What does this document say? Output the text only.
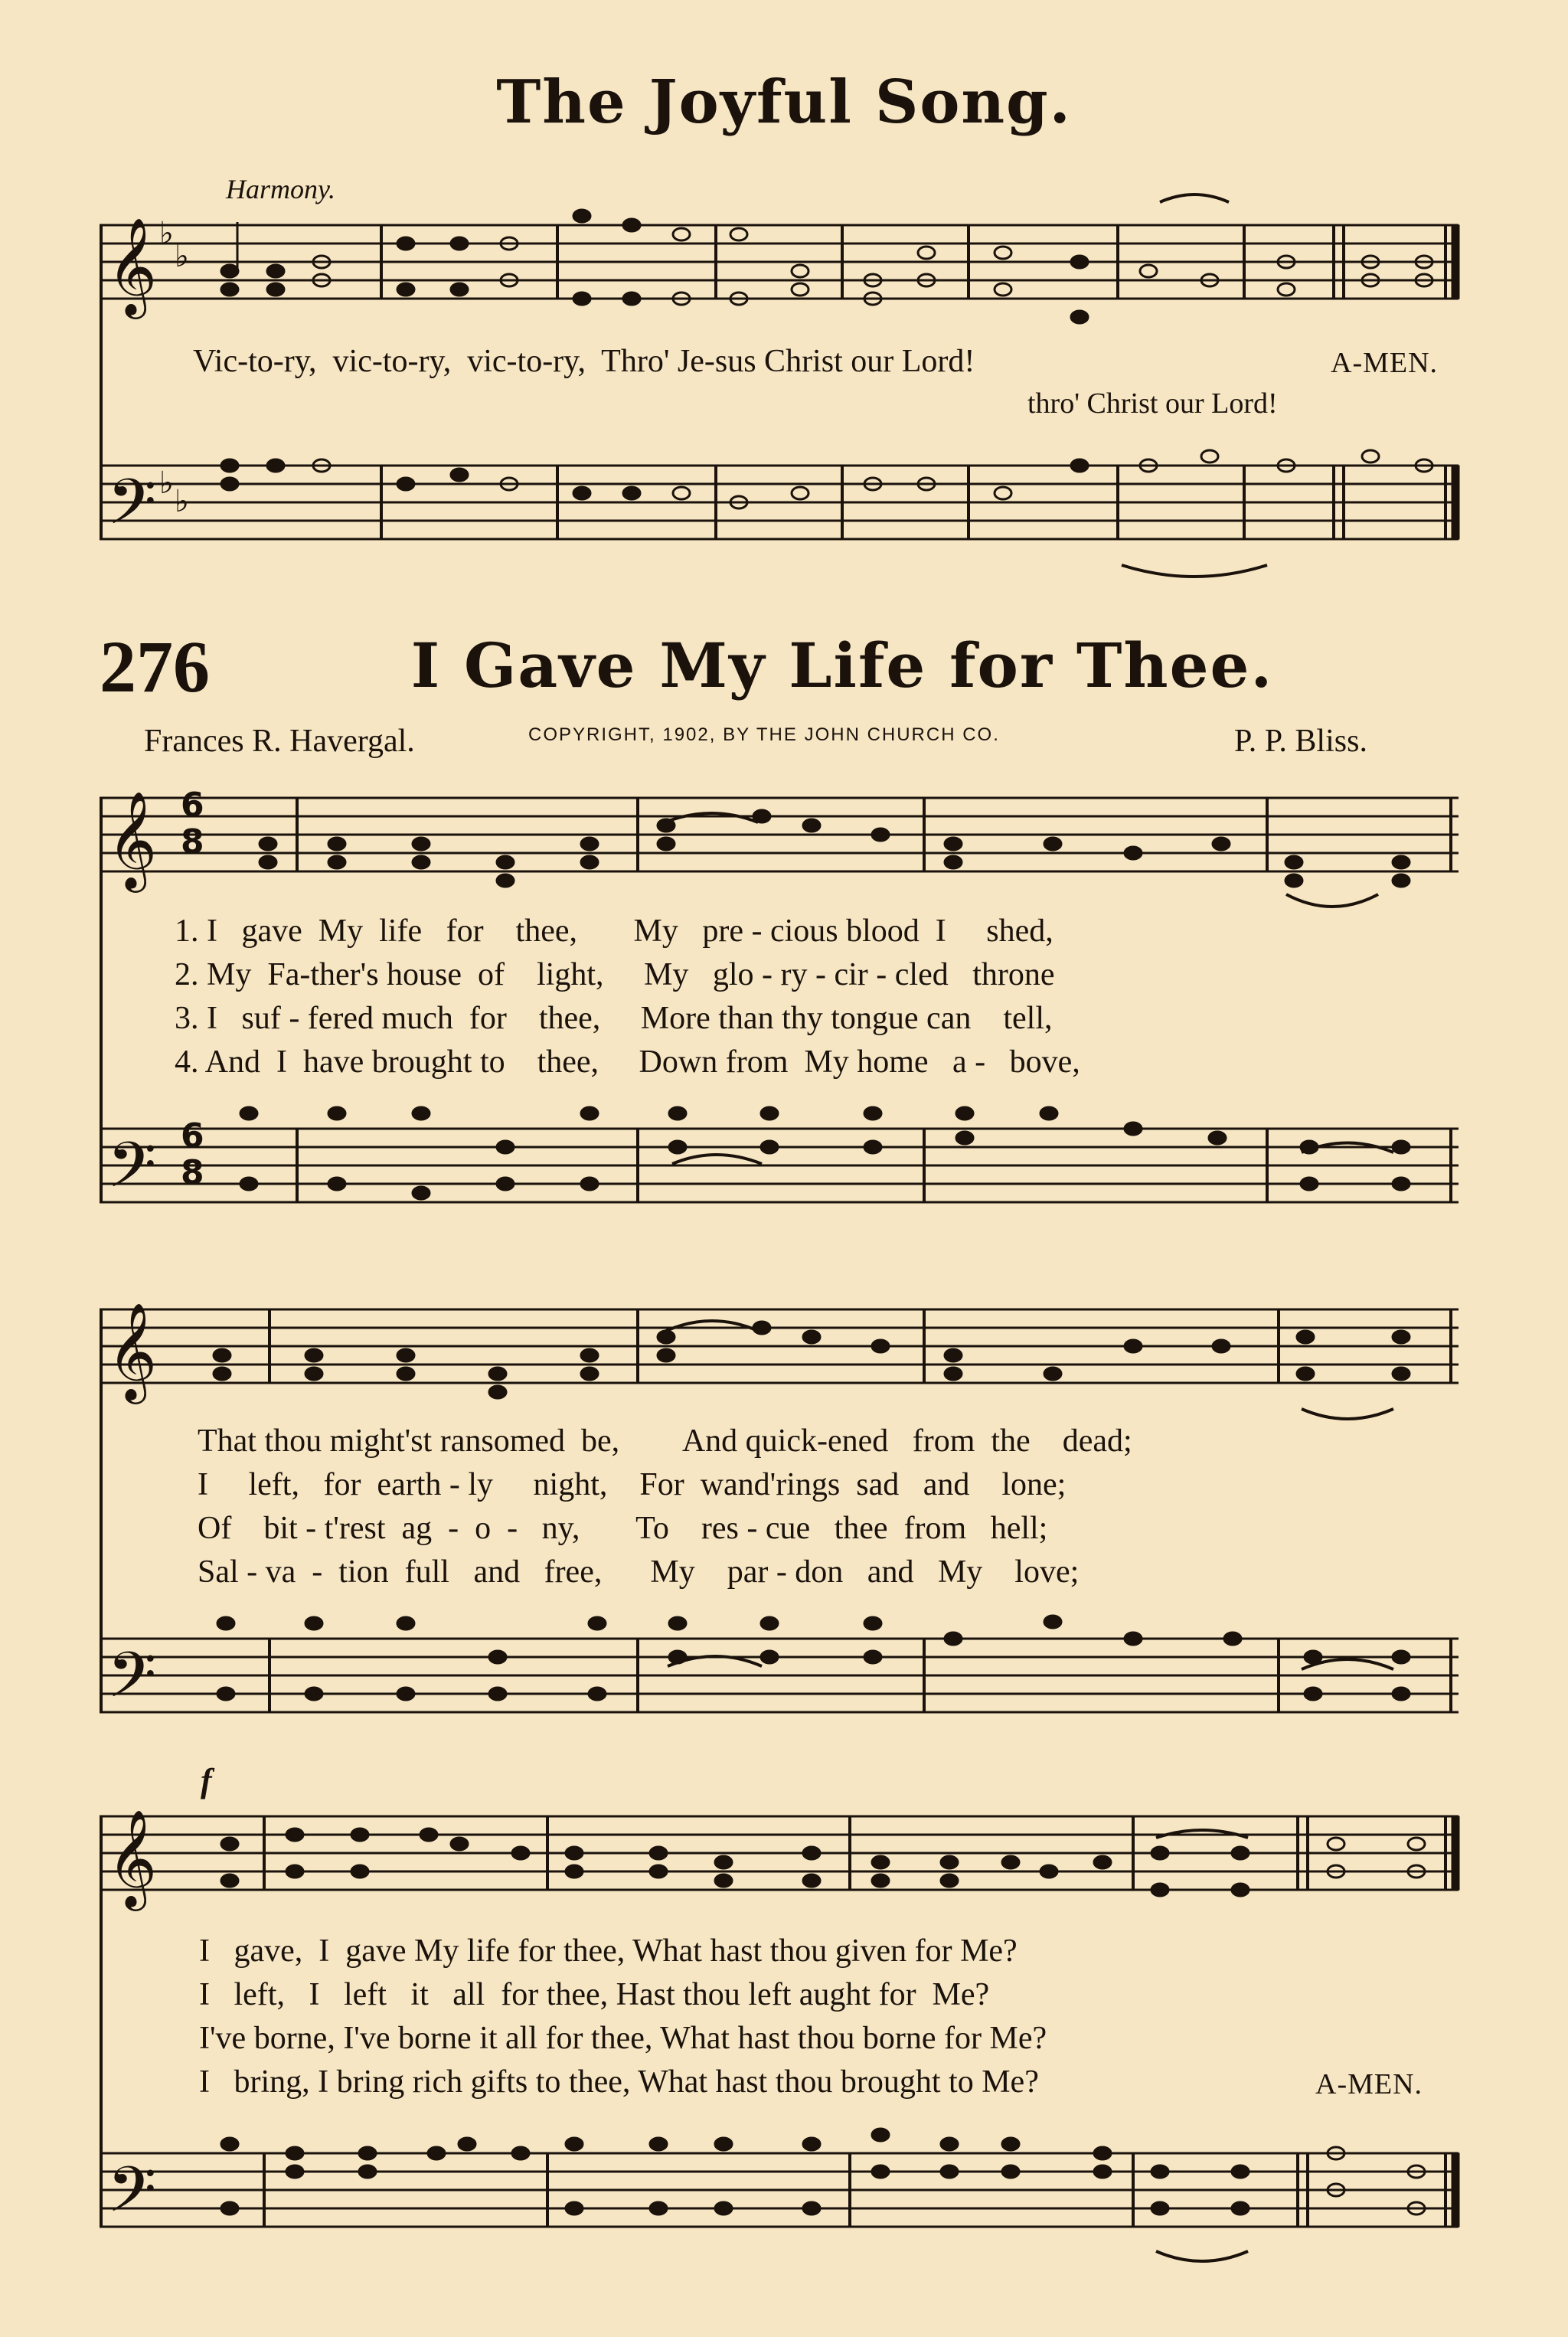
The Joyful Song.
Harmony.
𝄞 ♭
♭
𝄢 ♭
♭
𝄞 6
8
𝄢 6
8
𝄞
𝄢
𝄞
𝄢
Vic-to-ry,  vic-to-ry,  vic-to-ry,  Thro' Je-sus Christ our Lord!
thro' Christ our Lord!
A-MEN.
276	I Gave My Life for Thee.
Frances R. Havergal.	COPYRIGHT, 1902, BY THE JOHN CHURCH CO.	P. P. Bliss.
1. I   gave  My  life   for    thee,       My   pre - cious blood  I     shed,
2. My  Fa-ther's house  of    light,     My   glo - ry - cir - cled   throne
3. I   suf - fered much  for    thee,     More than thy tongue can    tell,
4. And  I  have brought to    thee,     Down from  My home   a -   bove,
That thou might'st ransomed  be,        And quick-ened   from  the    dead;
I     left,   for  earth - ly     night,    For  wand'rings  sad   and    lone;
Of    bit - t'rest  ag  -  o  -   ny,       To    res - cue   thee  from   hell;
Sal - va  -  tion  full   and   free,      My    par - don   and   My    love;
f
I   gave,  I  gave My life for thee, What hast thou given for Me?
I   left,   I   left   it   all  for thee, Hast thou left aught for  Me?
I've borne, I've borne it all for thee, What hast thou borne for Me?
I   bring, I bring rich gifts to thee, What hast thou brought to Me?	A-MEN.
